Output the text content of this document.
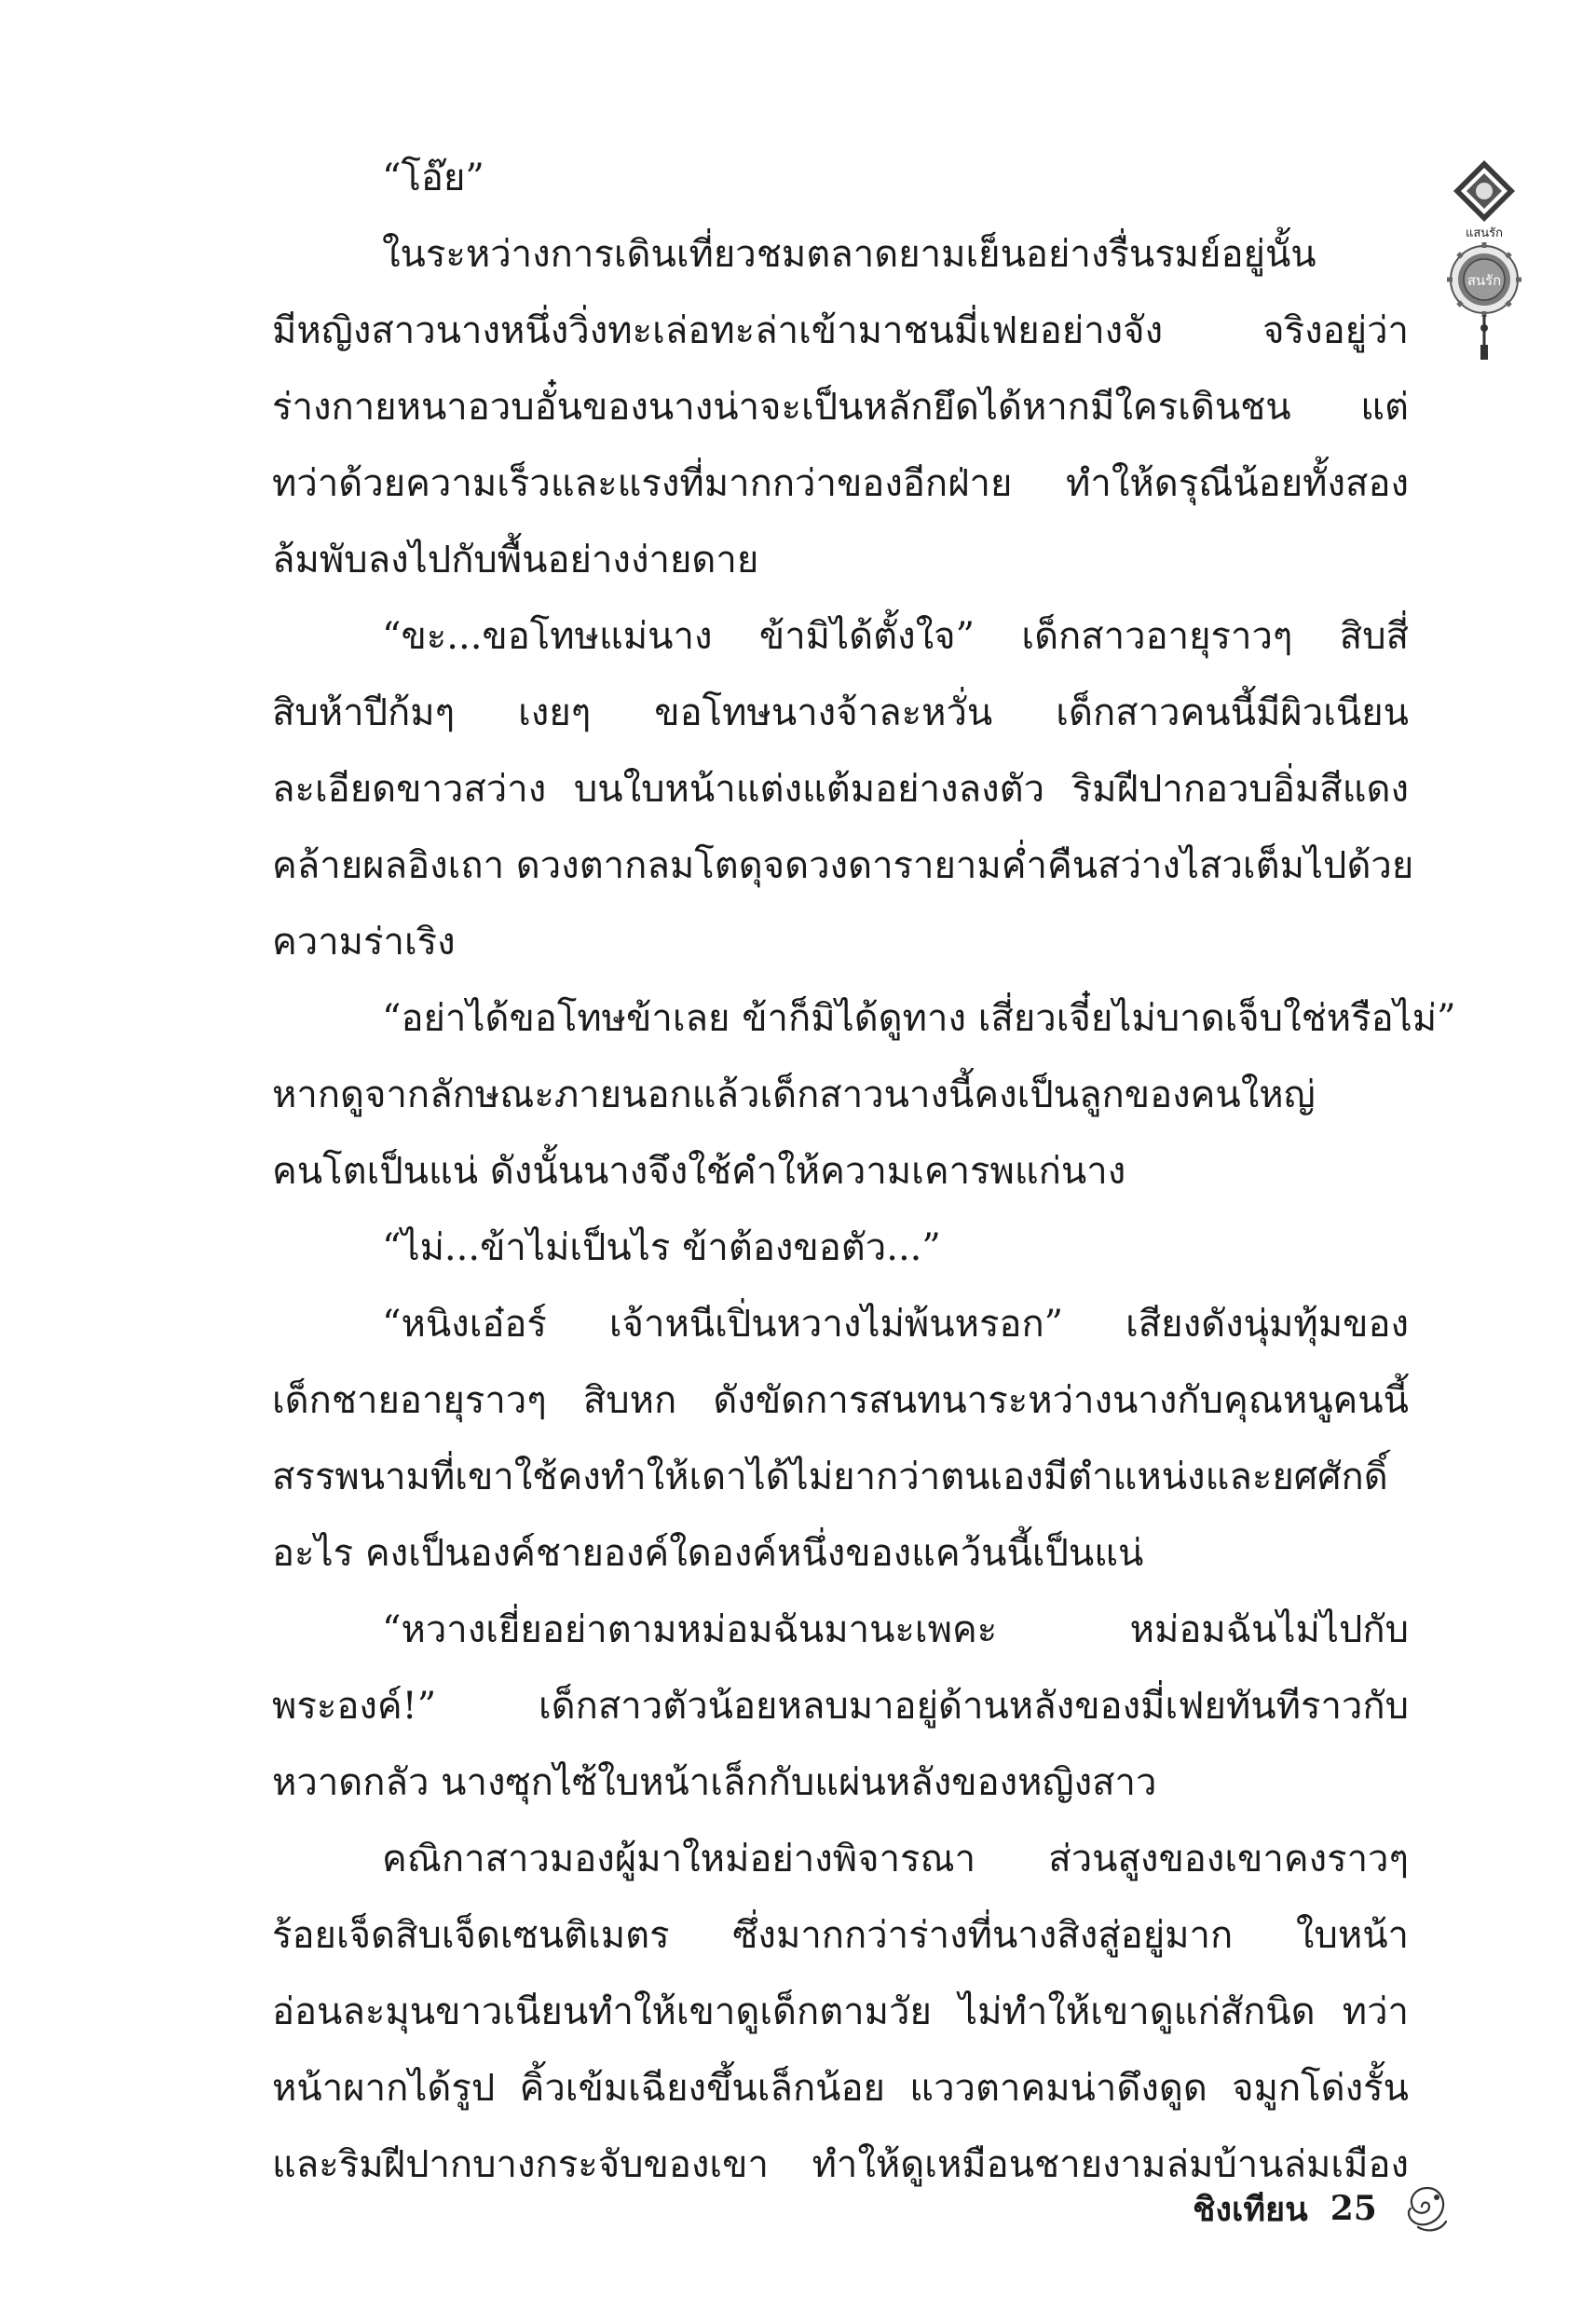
แสนรัก
สนรัก
“โอ๊ย”
ในระหว่างการเดินเที่ยวชมตลาดยามเย็นอย่างรื่นรมย์อยู่นั้น
มีหญิงสาวนางหนึ่งวิ่งทะเล่อทะล่าเข้ามาชนมี่เฟยอย่างจัง จริงอยู่ว่า
ร่างกายหนาอวบอั๋นของนางน่าจะเป็นหลักยึดได้หากมีใครเดินชน แต่
ทว่าด้วยความเร็วและแรงที่มากกว่าของอีกฝ่าย ทำให้ดรุณีน้อยทั้งสอง
ล้มพับลงไปกับพื้นอย่างง่ายดาย
“ขะ...ขอโทษแม่นาง ข้ามิได้ตั้งใจ” เด็กสาวอายุราวๆ สิบสี่
สิบห้าปีก้มๆ เงยๆ ขอโทษนางจ้าละหวั่น เด็กสาวคนนี้มีผิวเนียน
ละเอียดขาวสว่าง บนใบหน้าแต่งแต้มอย่างลงตัว ริมฝีปากอวบอิ่มสีแดง
คล้ายผลอิงเถา ดวงตากลมโตดุจดวงดารายามค่ำคืนสว่างไสวเต็มไปด้วย
ความร่าเริง
“อย่าได้ขอโทษข้าเลย ข้าก็มิได้ดูทาง เสี่ยวเจี๋ยไม่บาดเจ็บใช่หรือไม่”
หากดูจากลักษณะภายนอกแล้วเด็กสาวนางนี้คงเป็นลูกของคนใหญ่
คนโตเป็นแน่ ดังนั้นนางจึงใช้คำให้ความเคารพแก่นาง
“ไม่...ข้าไม่เป็นไร ข้าต้องขอตัว...”
“หนิงเอ๋อร์ เจ้าหนีเปิ่นหวางไม่พ้นหรอก” เสียงดังนุ่มทุ้มของ
เด็กชายอายุราวๆ สิบหก ดังขัดการสนทนาระหว่างนางกับคุณหนูคนนี้
สรรพนามที่เขาใช้คงทำให้เดาได้ไม่ยากว่าตนเองมีตำแหน่งและยศศักดิ์
อะไร คงเป็นองค์ชายองค์ใดองค์หนึ่งของแคว้นนี้เป็นแน่
“หวางเยี่ยอย่าตามหม่อมฉันมานะเพคะ หม่อมฉันไม่ไปกับ
พระองค์!” เด็กสาวตัวน้อยหลบมาอยู่ด้านหลังของมี่เฟยทันทีราวกับ
หวาดกลัว นางซุกไซ้ใบหน้าเล็กกับแผ่นหลังของหญิงสาว
คณิกาสาวมองผู้มาใหม่อย่างพิจารณา ส่วนสูงของเขาคงราวๆ
ร้อยเจ็ดสิบเจ็ดเซนติเมตร ซึ่งมากกว่าร่างที่นางสิงสู่อยู่มาก ใบหน้า
อ่อนละมุนขาวเนียนทำให้เขาดูเด็กตามวัย ไม่ทำให้เขาดูแก่สักนิด ทว่า
หน้าผากได้รูป คิ้วเข้มเฉียงขึ้นเล็กน้อย แววตาคมน่าดึงดูด จมูกโด่งรั้น
และริมฝีปากบางกระจับของเขา ทำให้ดูเหมือนชายงามล่มบ้านล่มเมือง
ชิงเทียน 25
